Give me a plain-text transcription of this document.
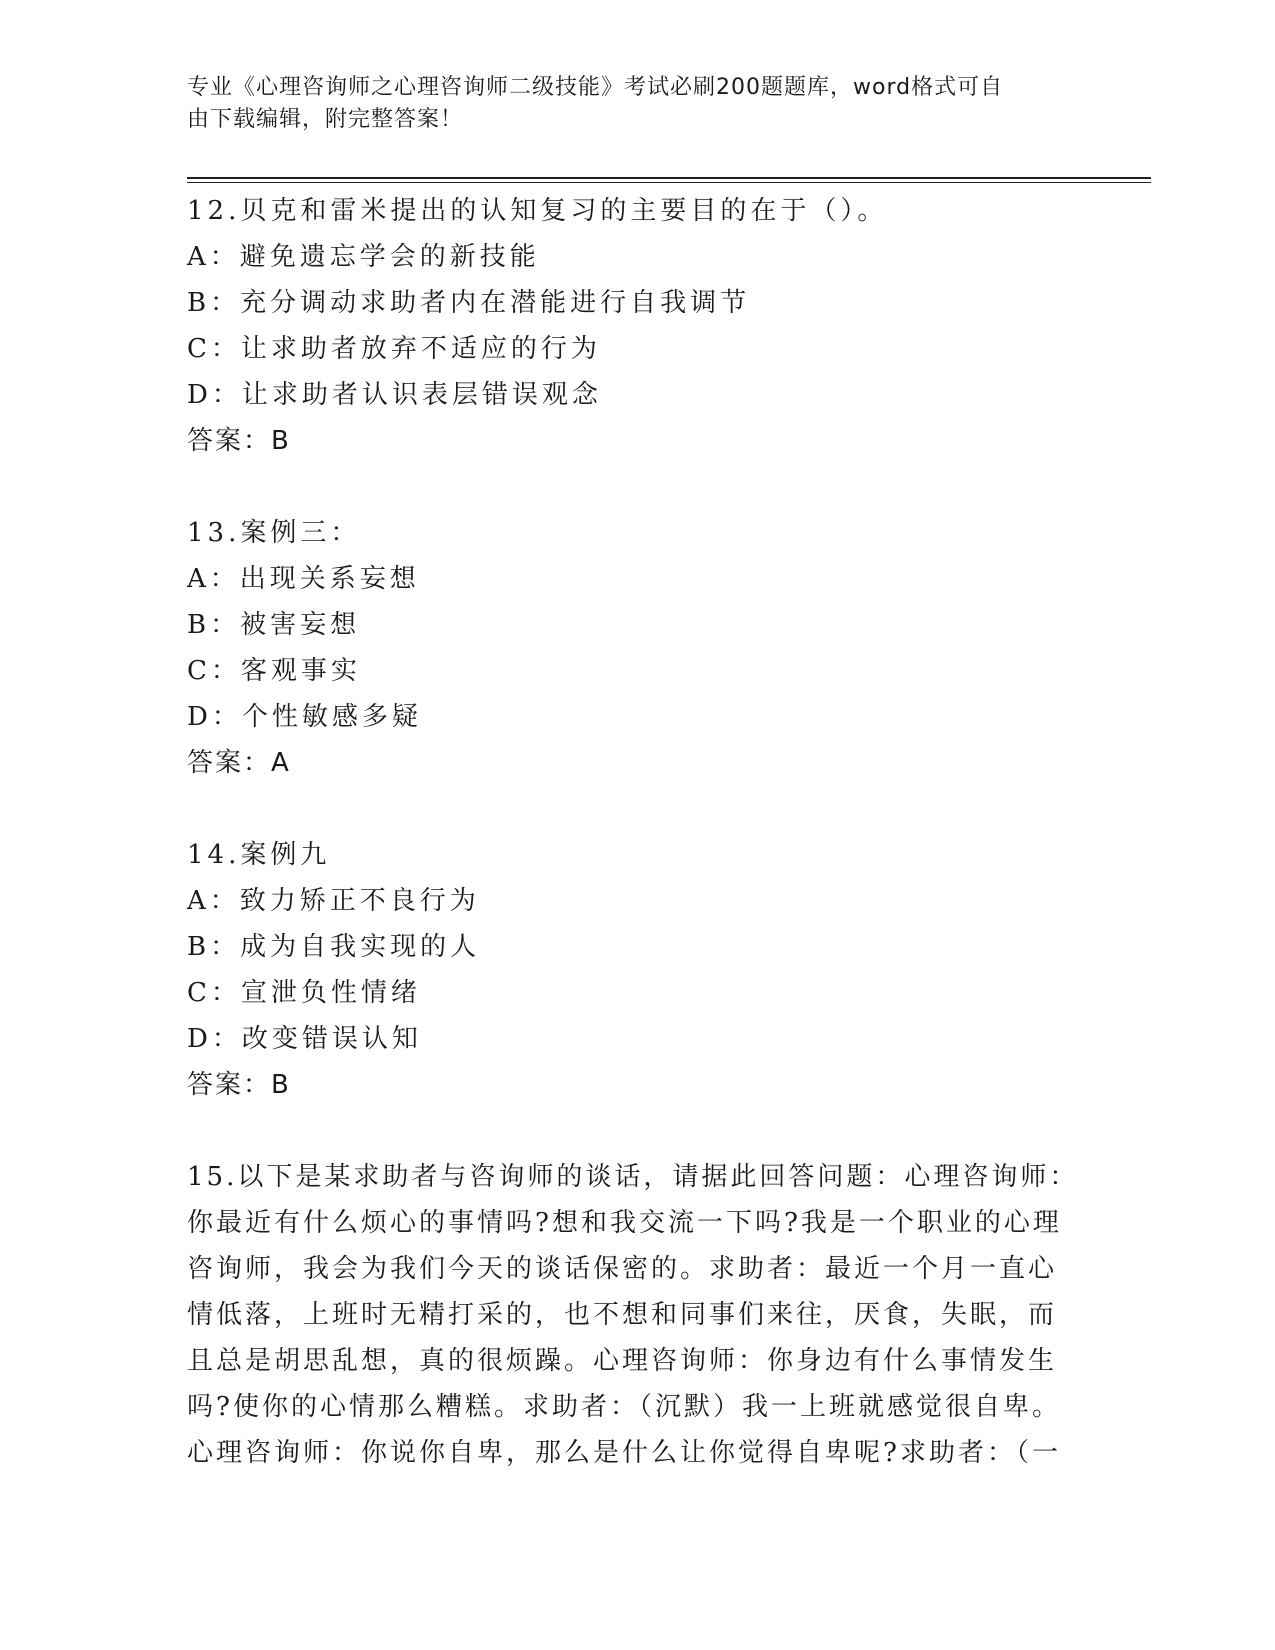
专业《心理咨询师之心理咨询师二级技能》考试必刷200题题库，word格式可自
由下载编辑，附完整答案！
12.贝克和雷米提出的认知复习的主要目的在于（）。
A：避免遗忘学会的新技能
B：充分调动求助者内在潜能进行自我调节
C：让求助者放弃不适应的行为
D：让求助者认识表层错误观念
答案：B
13.案例三：
A：出现关系妄想
B：被害妄想
C：客观事实
D：个性敏感多疑
答案：A
14.案例九
A：致力矫正不良行为
B：成为自我实现的人
C：宣泄负性情绪
D：改变错误认知
答案：B
15.以下是某求助者与咨询师的谈话，请据此回答问题：心理咨询师：
你最近有什么烦心的事情吗?想和我交流一下吗?我是一个职业的心理
咨询师，我会为我们今天的谈话保密的。求助者：最近一个月一直心
情低落，上班时无精打采的，也不想和同事们来往，厌食，失眠，而
且总是胡思乱想，真的很烦躁。心理咨询师：你身边有什么事情发生
吗?使你的心情那么糟糕。求助者：（沉默）我一上班就感觉很自卑。
心理咨询师：你说你自卑，那么是什么让你觉得自卑呢?求助者：（一
